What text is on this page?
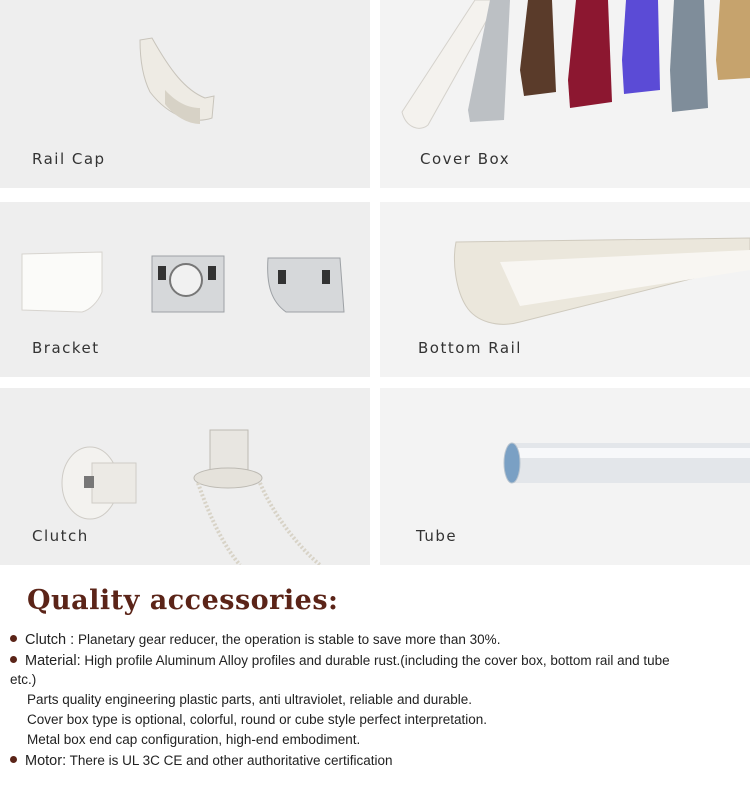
Rail Cap	Cover Box
Bracket	Bottom Rail
Clutch	Tube
Quality accessories:
Clutch : Planetary gear reducer, the operation is stable to save more than 30%.
Material: High profile Aluminum Alloy profiles and durable rust.(including the cover box, bottom rail and tube
etc.)
Parts quality engineering plastic parts, anti ultraviolet, reliable and durable.
Cover box type is optional, colorful, round or cube style perfect interpretation.
Metal box end cap configuration, high-end embodiment.
Motor: There is UL 3C CE and other authoritative certification
